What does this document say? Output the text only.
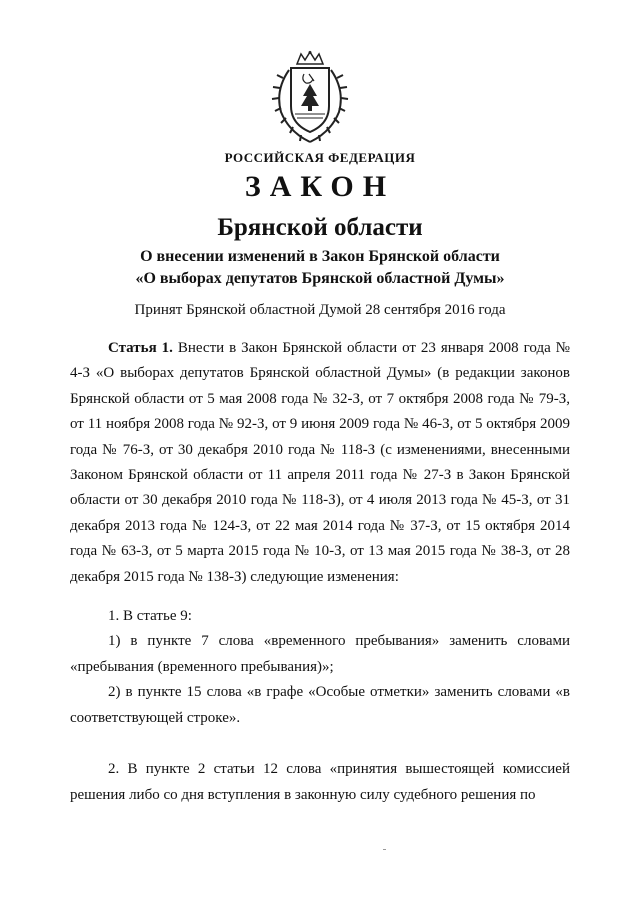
РОССИЙСКАЯ ФЕДЕРАЦИЯ
ЗАКОН
Брянской области
О внесении изменений в Закон Брянской области
«О выборах депутатов Брянской областной Думы»
Принят Брянской областной Думой 28 сентября 2016 года

Статья 1. Внести в Закон Брянской области от 23 января 2008 года № 4-З «О выборах депутатов Брянской областной Думы» (в редакции законов Брянской области от 5 мая 2008 года № 32-З, от 7 октября 2008 года № 79-З, от 11 ноября 2008 года № 92-З, от 9 июня 2009 года № 46-З, от 5 октября 2009 года № 76-З, от 30 декабря 2010 года № 118-З (с изменениями, внесенными Законом Брянской области от 11 апреля 2011 года № 27-З в Закон Брянской области от 30 декабря 2010 года № 118-З), от 4 июля 2013 года № 45-З, от 31 декабря 2013 года № 124-З, от 22 мая 2014 года № 37-З, от 15 октября 2014 года № 63-З, от 5 марта 2015 года № 10-З, от 13 мая 2015 года № 38-З, от 28 декабря 2015 года № 138-З) следующие изменения:

1. В статье 9:

1) в пункте 7 слова «временного пребывания» заменить словами «пребывания (временного пребывания)»;

2) в пункте 15 слова «в графе «Особые отметки» заменить словами «в соответствующей строке».

2. В пункте 2 статьи 12 слова «принятия вышестоящей комиссией решения либо со дня вступления в законную силу судебного решения по
